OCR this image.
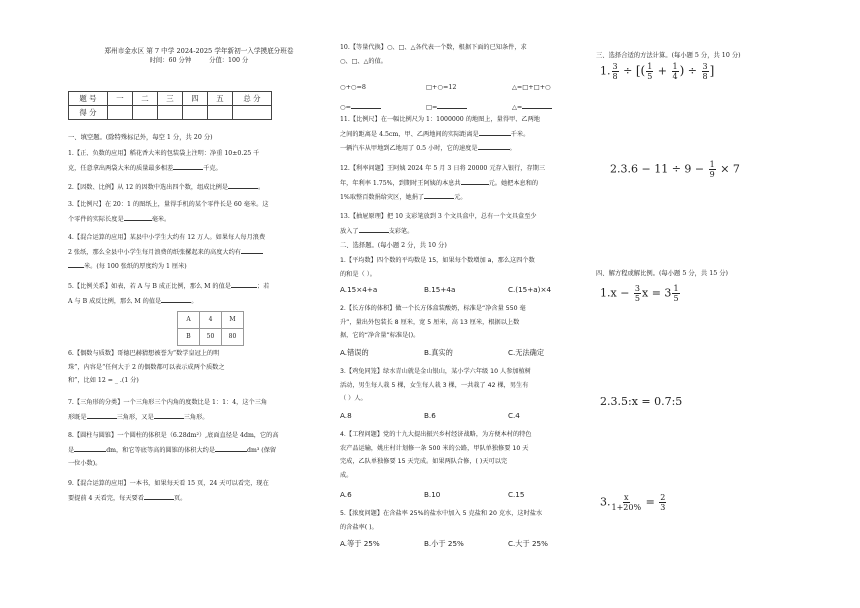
郑州市金水区 第 7 中学 2024-2025 学年新初一入学摸底分班卷
时间：60 分钟	分值：100 分
题 号	一	二	三	四	五	总 分
得 分						
一、填空题。(除特殊标记外，每空 1 分，共 20 分)

1.【正、负数的应用】稻花香大米的包装袋上注明：净重 10±0.25 千

克，任意拿出两袋大米的质量最多相差	千克。

2.【因数、比例】从 12 的因数中选出四个数，组成比例是	。

3.【比例尺】在 20：1 的图纸上，量得手机的某个零件长是 60 毫米。这

个零件的实际长度是	毫米。

4.【混合运算的应用】某县中小学生大约有 12 万人。如果每人每月浪费

2 张纸，那么全县中小学生每月浪费的纸张摞起来的高度大约有

米。(每 100 张纸的厚度约为 1 厘米)

5.【比例关系】如表，若 A 与 B 成正比例，那么 M 的值是	；若

A 与 B 成反比例，那么 M 的值是	。

A	4	M
B	50	80

6.【偶数与质数】哥德巴赫猜想被誉为“数学皇冠上的明

珠”，内容是“任何大于 2 的偶数都可以表示成两个质数之

和”，比如 12 = _ .(1 分)

7.【三角形的分类】一个三角形三个内角的度数比是 1：1：4，这个三角

形既是	三角形，又是	三角形。

8.【圆柱与圆锥】一个圆柱的体积是（6.28dm²）,底面直径是 4dm，它的高

是	dm，和它等底等高的圆锥的体积大约是	dm³ (保留

一位小数)。

9.【混合运算的应用】一本书，如果每天看 15 页，24 天可以看完，现在

要提前 4 天看完，每天要看	页。

10.【等量代换】○、□、△各代表一个数，根据下面的已知条件，求

○、□、△的值。

○+○=8	□+○=12	△=□+□+○
○=	□=	△=

11.【比例尺】在一幅比例尺为 1：1000000 的地图上，量得甲、乙两地

之间的距离是 4.5cm，甲、乙两地间的实际距离是	千米。

一辆汽车从甲地到乙地用了 0.5 小时，它的速度是	。

12.【利率问题】王阿姨 2024 年 5 月 3 日将 20000 元存入银行，存期三

年，年利率 1.75%，到期时王阿姨的本息共	元。她把本息和的

1%取整百数捐给灾区，她捐了	元。

13.【抽屉原理】把 10 支彩笔放到 3 个文具盒中，总有一个文具盒至少

放入了	支彩笔。

二、选择题。(每小题 2 分，共 10 分)

1.【平均数】四个数的平均数是 15，如果每个数增加 a，那么这四个数

的和是（ ）。

A.15×4+a	B.15+4a	C.(15+a)×4

2.【长方体的体积】做一个长方体盒装酸奶，标准是“净含量 550 毫

升”，量出外包装长 8 厘米，宽 5 厘米，高 13 厘米，根据以上数

据，它的“净含量”标准是()。

A.错误的	B.真实的	C.无法确定

3.【鸡兔同笼】绿水青山就是金山银山，某小学六年级 10 人参加植树

活动，男生每人栽 5 棵，女生每人栽 3 棵，一共栽了 42 棵，男生有

（ ）人。

A.8	B.6	C.4

4.【工程问题】党的十九大提出振兴乡村经济战略，为方便本村的特色

农产品运输，姚庄村计划修一条 500 米的公路，甲队单独修要 10 天

完成，乙队单独修要 15 天完成。如果两队合修，( )天可以完

成。

A.6	B.10	C.15

5.【浓度问题】在含盐率 25%的盐水中加入 5 克盐和 20 克水，这时盐水

的含盐率( )。

A.等于 25%	B.小于 25%	C.大于 25%
三、选择合适的方法计算。(每小题 5 分，共 10 分)
1. $\frac{3}{8}$ ÷ [( $\frac{1}{5} + \frac{1}{4}$ ) ÷ $\frac{3}{8}$ ]
$2.3.6 - 11 \div 9 - \frac{1}{9} \times 7$
四、解方程或解比例。(每小题 5 分，共 15 分)
$1.x - \frac{3}{5}$ $x = 3 \frac{1}{5}$
2.3.5:x = 0.7:5
3. $\frac{x}{1+20\%} = \frac{2}{3}$
